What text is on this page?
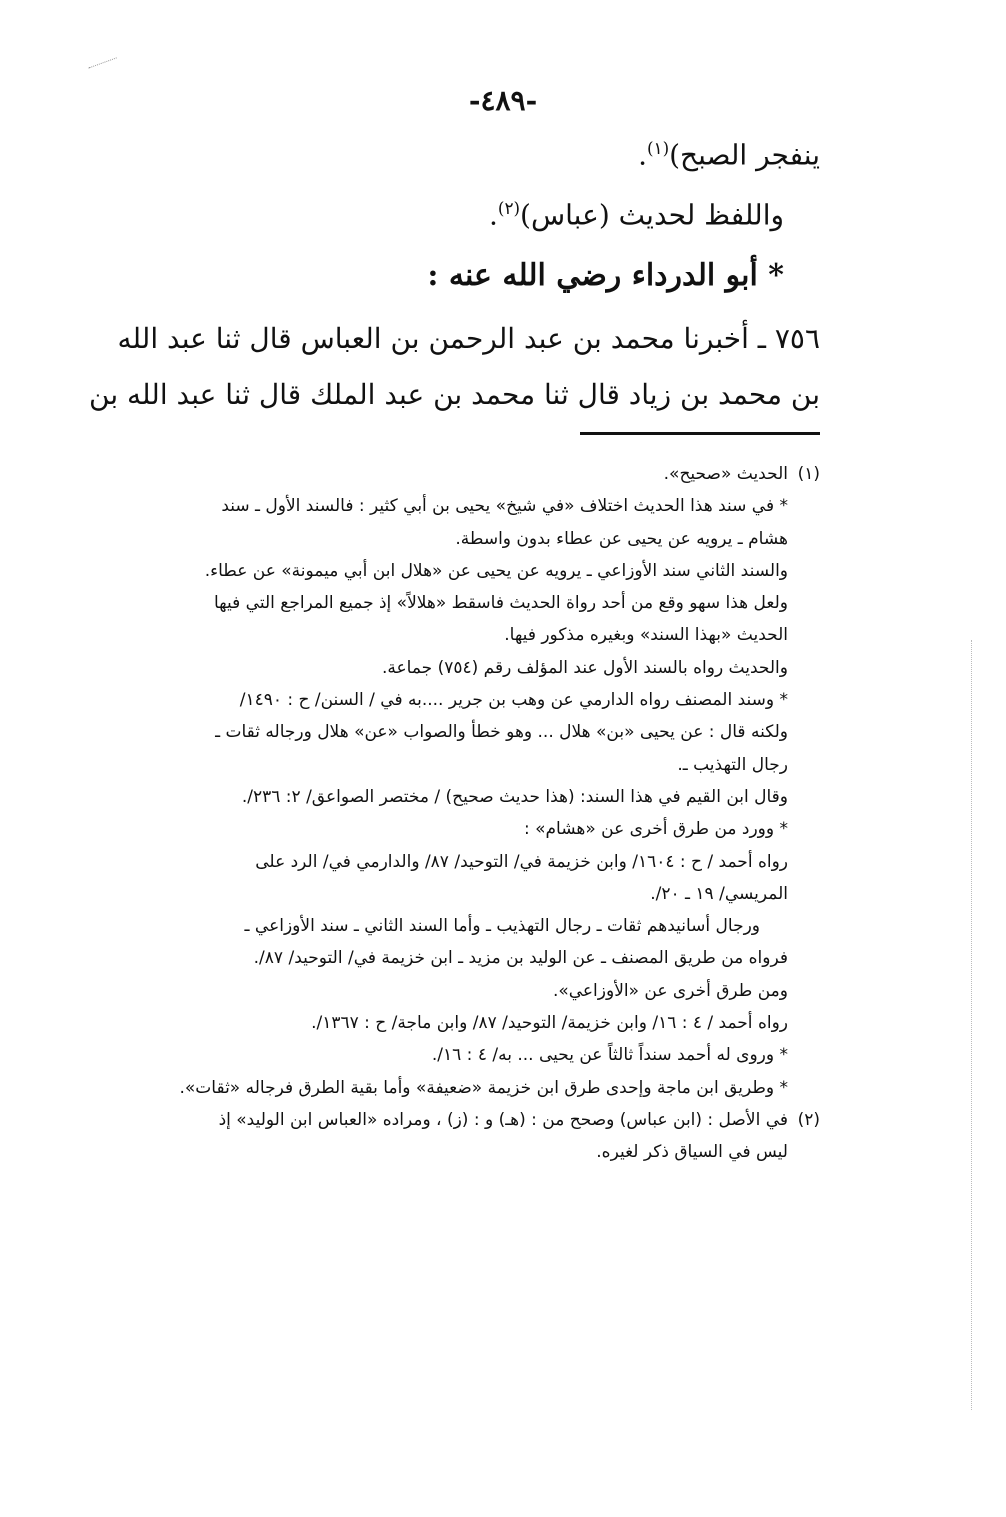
-٤٨٩-
ينفجر الصبح)$^{(١)}$.
واللفظ لحديث (عباس)$^{(٢)}$.
* أبو الدرداء رضي الله عنه :
٧٥٦ ـ أخبرنا محمد بن عبد الرحمن بن العباس قال ثنا عبد الله
بن محمد بن زياد قال ثنا محمد بن عبد الملك قال ثنا عبد الله بن
(١)الحديث «صحيح».
* في سند هذا الحديث اختلاف «في شيخ» يحيى بن أبي كثير : فالسند الأول ـ سند
هشام ـ يرويه عن يحيى عن عطاء بدون واسطة.
والسند الثاني سند الأوزاعي ـ يرويه عن يحيى عن «هلال ابن أبي ميمونة» عن عطاء.
ولعل هذا سهو وقع من أحد رواة الحديث فاسقط «هلالاً» إذ جميع المراجع التي فيها
الحديث «بهذا السند» وبغيره مذكور فيها.
والحديث رواه بالسند الأول عند المؤلف رقم (٧٥٤) جماعة.
* وسند المصنف رواه الدارمي عن وهب بن جرير ....به في / السنن/ ح : ١٤٩٠/
ولكنه قال : عن يحيى «بن» هلال ... وهو خطأ والصواب «عن» هلال ورجاله ثقات ـ
رجال التهذيب ـ.
وقال ابن القيم في هذا السند: (هذا حديث صحيح) / مختصر الصواعق/ ٢: ٢٣٦/.
* وورد من طرق أخرى عن «هشام» :
رواه أحمد / ح : ١٦٠٤/ وابن خزيمة في/ التوحيد/ ٨٧/ والدارمي في/ الرد على
المريسي/ ١٩ ـ ٢٠/.
ورجال أسانيدهم ثقات ـ رجال التهذيب ـ وأما السند الثاني ـ سند الأوزاعي ـ
فرواه من طريق المصنف ـ عن الوليد بن مزيد ـ ابن خزيمة في/ التوحيد/ ٨٧/.
ومن طرق أخرى عن «الأوزاعي».
رواه أحمد / ٤ : ١٦/ وابن خزيمة/ التوحيد/ ٨٧/ وابن ماجة/ ح : ١٣٦٧/.
* وروى له أحمد سنداً ثالثاً عن يحيى ... به/ ٤ : ١٦/.
* وطريق ابن ماجة وإحدى طرق ابن خزيمة «ضعيفة» وأما بقية الطرق فرجاله «ثقات».
(٢)في الأصل : (ابن عباس) وصحح من : (هـ) و : (ز) ، ومراده «العباس ابن الوليد» إذ
ليس في السياق ذكر لغيره.
